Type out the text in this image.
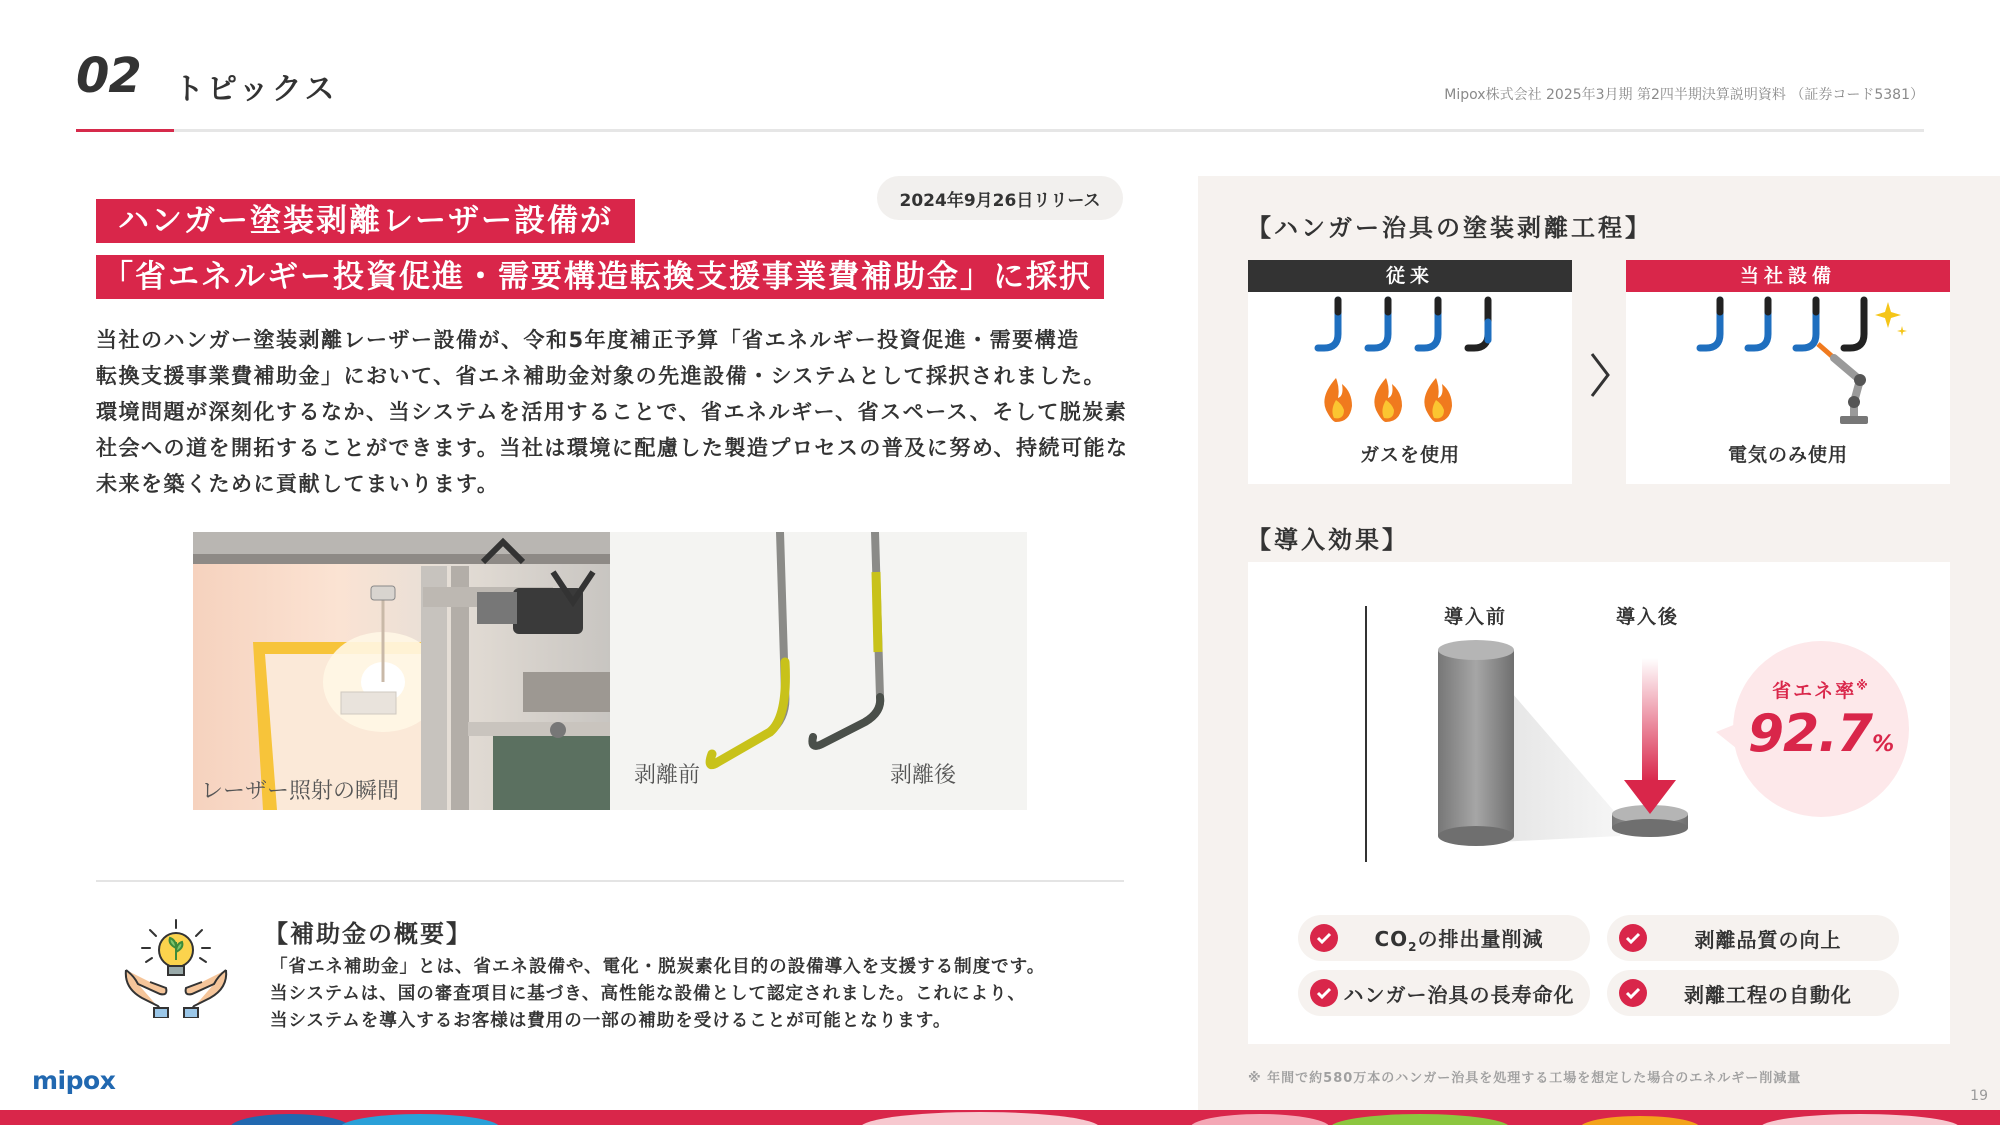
02 トピックス	Mipox株式会社 2025年3月期 第2四半期決算説明資料 （証券コード5381）
2024年9月26日リリース
ハンガー塗装剥離レーザー設備が
「省エネルギー投資促進・需要構造転換支援事業費補助金」に採択

当社のハンガー塗装剥離レーザー設備が、令和5年度補正予算「省エネルギー投資促進・需要構造

転換支援事業費補助金」において、省エネ補助金対象の先進設備・システムとして採択されました。

環境問題が深刻化するなか、当システムを活用することで、省エネルギー、省スペース、そして脱炭素

社会への道を開拓することができます。当社は環境に配慮した製造プロセスの普及に努め、持続可能な

未来を築くために貢献してまいります。

レーザー照射の瞬間
剥離前	剥離後
【補助金の概要】

「省エネ補助金」とは、省エネ設備や、電化・脱炭素化目的の設備導入を支援する制度です。

当システムは、国の審査項目に基づき、高性能な設備として認定されました。これにより、

当システムを導入するお客様は費用の一部の補助を受けることが可能となります。

mipox
【ハンガー治具の塗装剥離工程】
従来
ガスを使用
当社設備
電気のみ使用
【導入効果】
導入前	導入後
省エネ率※
92.7%
$CO_2$の排出量削減	剥離品質の向上
ハンガー治具の長寿命化	剥離工程の自動化
※ 年間で約580万本のハンガー治具を処理する工場を想定した場合のエネルギー削減量
19
